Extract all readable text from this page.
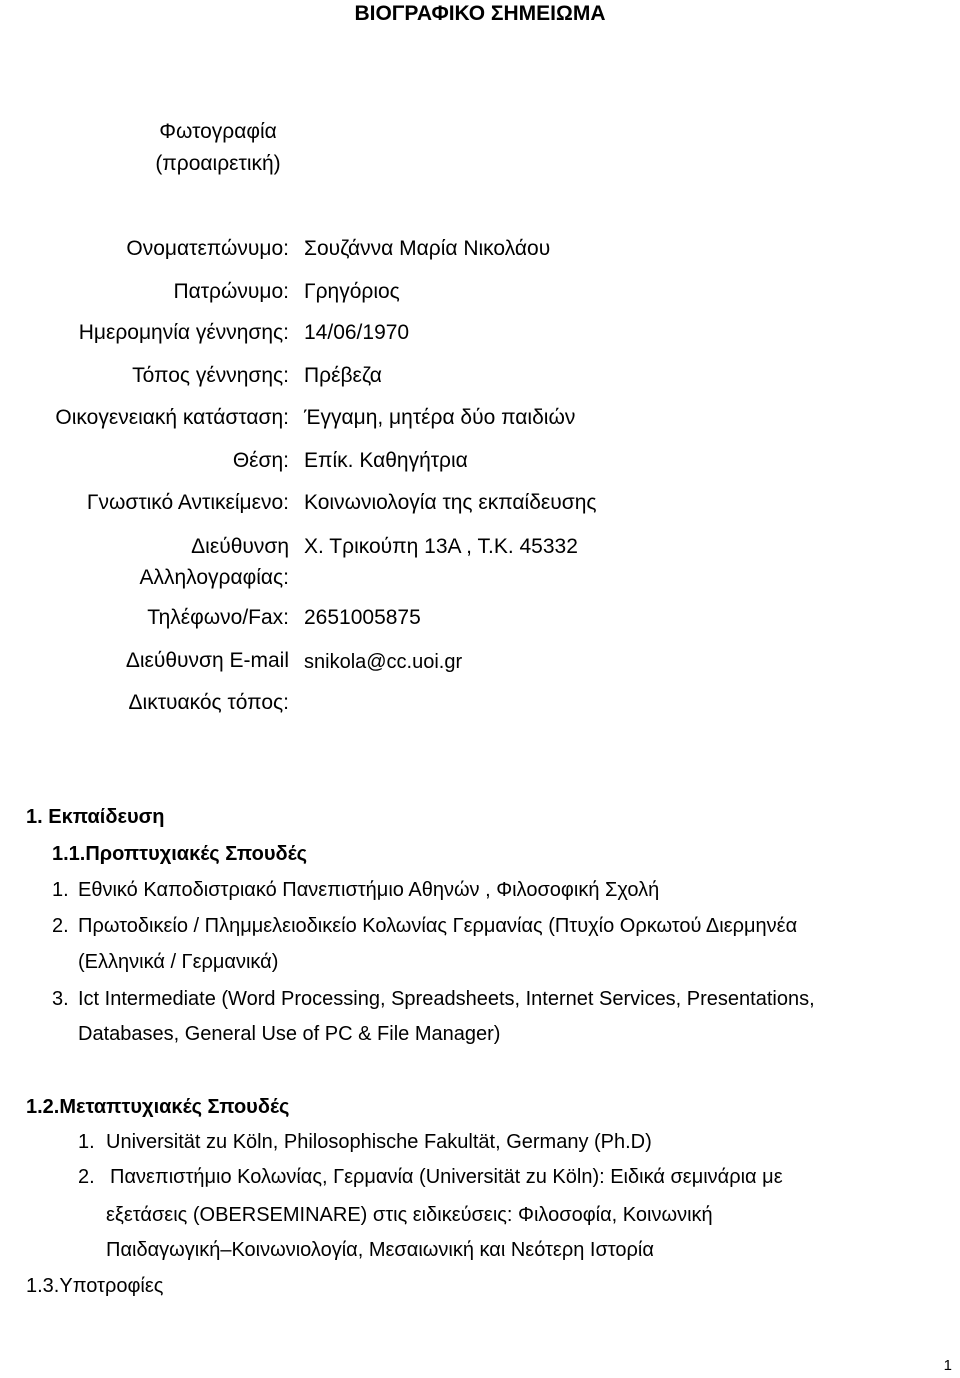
ΒΙΟΓΡΑΦΙΚΟ ΣΗΜΕΙΩΜΑ
Φωτογραφία
(προαιρετική)
Ονοματεπώνυμο: Σουζάννα Μαρία Νικολάου
Πατρώνυμο: Γρηγόριος
Ημερομηνία γέννησης: 14/06/1970
Τόπος γέννησης: Πρέβεζα
Οικογενειακή κατάσταση: Έγγαμη, μητέρα δύο παιδιών
Θέση: Επίκ. Καθηγήτρια
Γνωστικό Αντικείμενο: Κοινωνιολογία της εκπαίδευσης
Διεύθυνση
Αλληλογραφίας:
Χ. Τρικούπη 13Α , Τ.Κ. 45332
Τηλέφωνο/Fax: 2651005875
Διεύθυνση E-mail snikola@cc.uoi.gr
Δικτυακός τόπος:
1. Εκπαίδευση
1.1.Προπτυχιακές Σπουδές
1. Εθνικό Καποδιστριακό Πανεπιστήμιο Αθηνών , Φιλοσοφική Σχολή
2. Πρωτοδικείο / Πλημμελειοδικείο Κολωνίας Γερμανίας (Πτυχίο Ορκωτού Διερμηνέα
(Ελληνικά / Γερμανικά)
3. Ict Intermediate (Word Processing, Spreadsheets, Internet Services, Presentations,
Databases, General Use of PC & File Manager)
1.2.Μεταπτυχιακές Σπουδές
1. Universität zu Köln, Philosophische Fakultät, Germany (Ph.D)
2. Πανεπιστήμιο Κολωνίας, Γερμανία (Universität zu Köln): Ειδικά σεμινάρια με
εξετάσεις (OBERSEMINARE) στις ειδικεύσεις: Φιλοσοφία, Κοινωνική
Παιδαγωγική–Κοινωνιολογία, Μεσαιωνική και Νεότερη Ιστορία
1.3.Υποτροφίες
1
